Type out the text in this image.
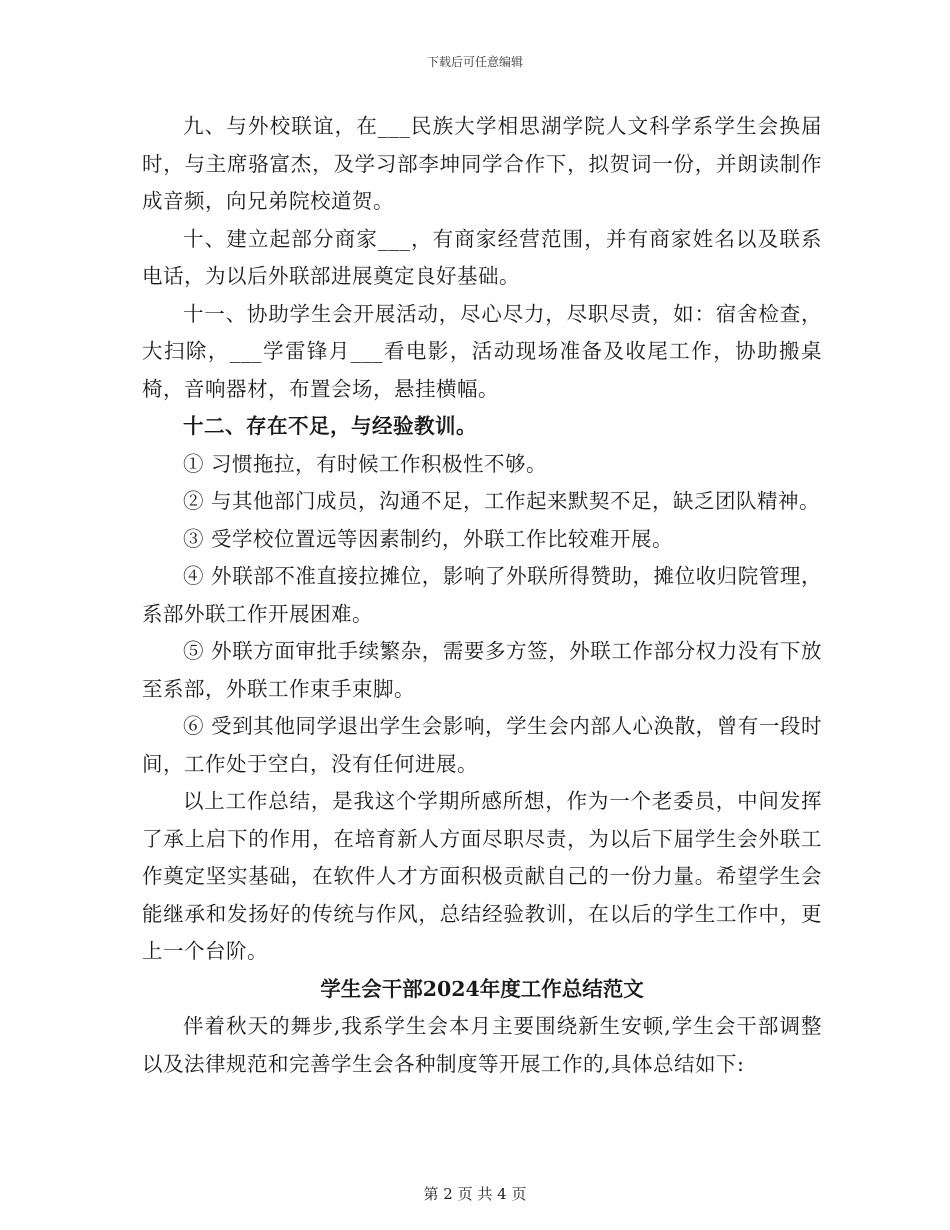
下载后可任意编辑

九、与外校联谊，在___民族大学相思湖学院人文科学系学生会换届时，与主席骆富杰，及学习部李坤同学合作下，拟贺词一份，并朗读制作成音频，向兄弟院校道贺。

十、建立起部分商家___，有商家经营范围，并有商家姓名以及联系电话，为以后外联部进展奠定良好基础。

十一、协助学生会开展活动，尽心尽力，尽职尽责，如：宿舍检查，大扫除，___学雷锋月___看电影，活动现场准备及收尾工作，协助搬桌椅，音响器材，布置会场，悬挂横幅。

十二、存在不足，与经验教训。

① 习惯拖拉，有时候工作积极性不够。

② 与其他部门成员，沟通不足，工作起来默契不足，缺乏团队精神。

③ 受学校位置远等因素制约，外联工作比较难开展。

④ 外联部不准直接拉摊位，影响了外联所得赞助，摊位收归院管理，系部外联工作开展困难。

⑤ 外联方面审批手续繁杂，需要多方签，外联工作部分权力没有下放至系部，外联工作束手束脚。

⑥ 受到其他同学退出学生会影响，学生会内部人心涣散，曾有一段时间，工作处于空白，没有任何进展。

以上工作总结，是我这个学期所感所想，作为一个老委员，中间发挥了承上启下的作用，在培育新人方面尽职尽责，为以后下届学生会外联工作奠定坚实基础，在软件人才方面积极贡献自己的一份力量。希望学生会能继承和发扬好的传统与作风，总结经验教训，在以后的学生工作中，更上一个台阶。

学生会干部2024年度工作总结范文

伴着秋天的舞步,我系学生会本月主要围绕新生安顿,学生会干部调整以及法律规范和完善学生会各种制度等开展工作的,具体总结如下:

第 2 页 共 4 页
